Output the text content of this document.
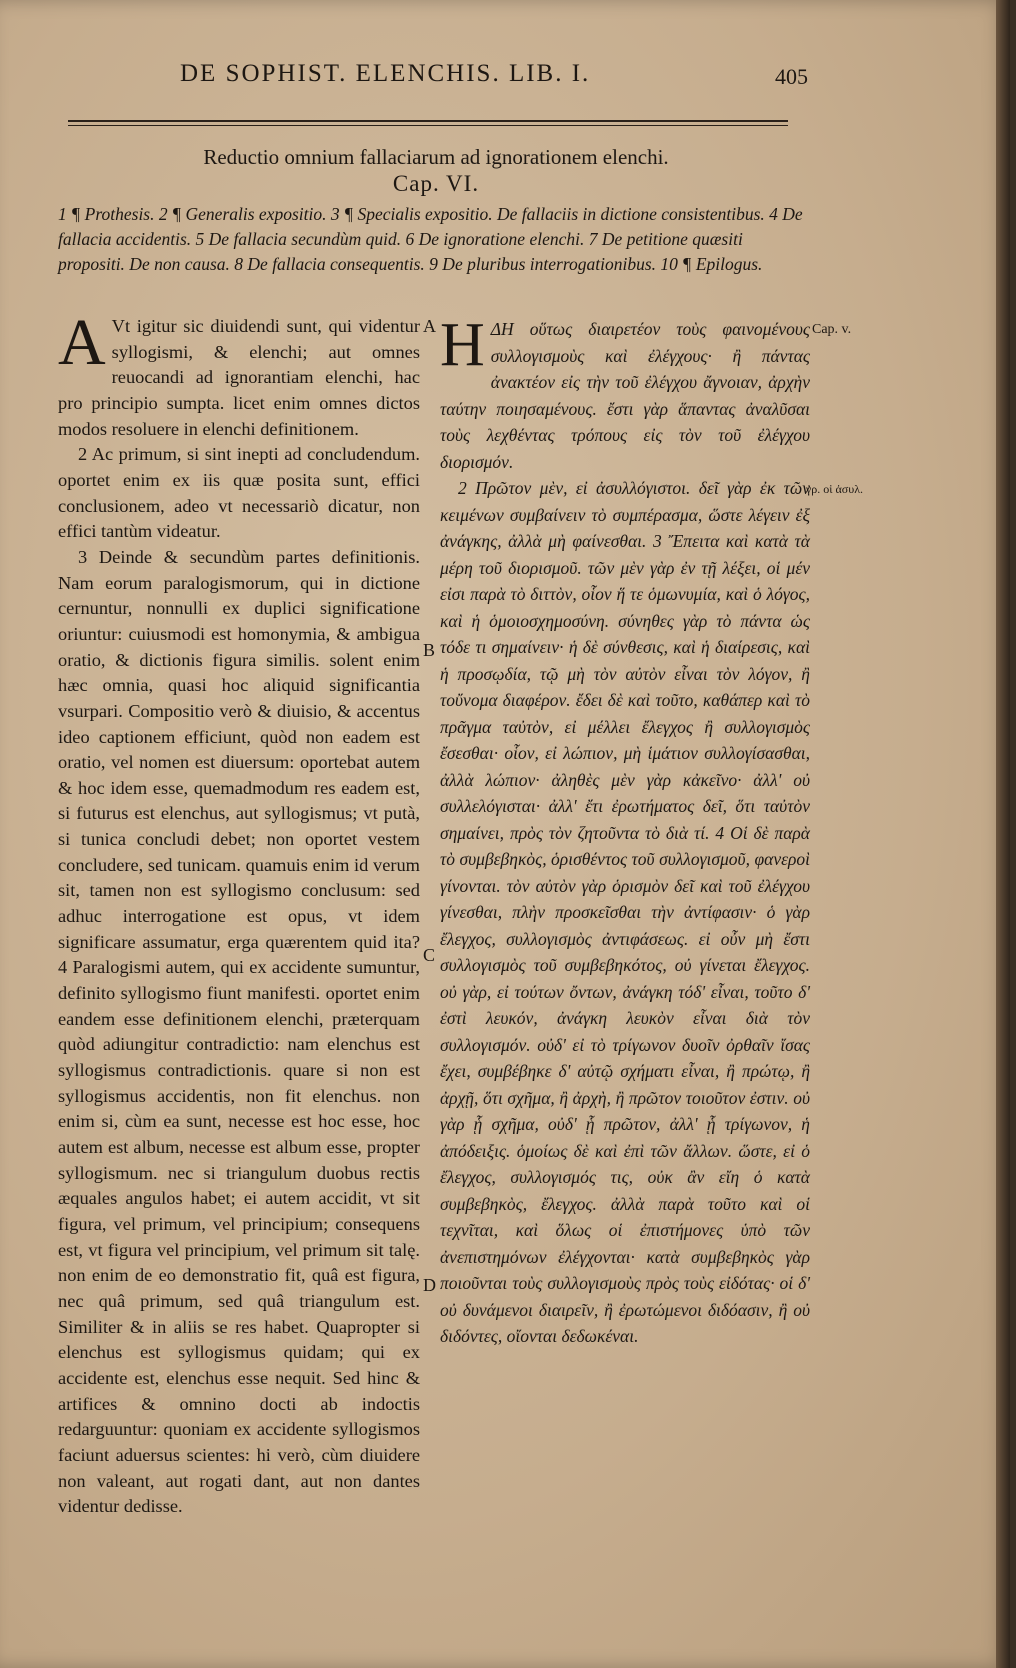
DE SOPHIST. ELENCHIS. LIB. I.	405
Reductio omnium fallaciarum ad ignorationem elenchi.
Cap. VI.
1 ¶ Prothesis. 2 ¶ Generalis expositio. 3 ¶ Specialis expositio. De fallaciis in dictione consistentibus. 4 De fallacia accidentis. 5 De fallacia secundùm quid. 6 De ignoratione elenchi. 7 De petitione quæsiti propositi. De non causa. 8 De fallacia consequentis. 9 De pluribus interrogationibus. 10 ¶ Epilogus.

A Vt igitur sic diuidendi sunt, qui videntur syllogismi, & elenchi; aut omnes reuocandi ad ignorantiam elenchi, hac pro principio sumpta. licet enim omnes dictos modos resoluere in elenchi definitionem.

2 Ac primum, si sint inepti ad concludendum. oportet enim ex iis quæ posita sunt, effici conclusionem, adeo vt necessariò dicatur, non effici tantùm videatur.

3 Deinde & secundùm partes definitionis. Nam eorum paralogismorum, qui in dictione cernuntur, nonnulli ex duplici significatione oriuntur: cuiusmodi est homonymia, & ambigua oratio, & dictionis figura similis. solent enim hæc omnia, quasi hoc aliquid significantia vsurpari. Compositio verò & diuisio, & accentus ideo captionem efficiunt, quòd non eadem est oratio, vel nomen est diuersum: oportebat autem & hoc idem esse, quemadmodum res eadem est, si futurus est elenchus, aut syllogismus; vt putà, si tunica concludi debet; non oportet vestem concludere, sed tunicam. quamuis enim id verum sit, tamen non est syllogismo conclusum: sed adhuc interrogatione est opus, vt idem significare assumatur, erga quærentem quid ita? 4 Paralogismi autem, qui ex accidente sumuntur, definito syllogismo fiunt manifesti. oportet enim eandem esse definitionem elenchi, præterquam quòd adiungitur contradictio: nam elenchus est syllogismus contradictionis. quare si non est syllogismus accidentis, non fit elenchus. non enim si, cùm ea sunt, necesse est hoc esse, hoc autem est album, necesse est album esse, propter syllogismum. nec si triangulum duobus rectis æquales angulos habet; ei autem accidit, vt sit figura, vel primum, vel principium; consequens est, vt figura vel principium, vel primum sit talę. non enim de eo demonstratio fit, quâ est figura, nec quâ primum, sed quâ triangulum est. Similiter & in aliis se res habet. Quapropter si elenchus est syllogismus quidam; qui ex accidente est, elenchus esse nequit. Sed hinc & artifices & omnino docti ab indoctis redarguuntur: quoniam ex accidente syllogismos faciunt aduersus scientes: hi verò, cùm diuidere non valeant, aut rogati dant, aut non dantes videntur dedisse.

ΗΔΗ οὕτως διαιρετέον τοὺς φαινομένους συλλογισμοὺς καὶ ἐλέγχους· ἢ πάντας ἀνακτέον εἰς τὴν τοῦ ἐλέγχου ἄγνοιαν, ἀρχὴν ταύτην ποιησαμένους. ἔστι γὰρ ἅπαντας ἀναλῦσαι τοὺς λεχθέντας τρόπους εἰς τὸν τοῦ ἐλέγχου διορισμόν.

2 Πρῶτον μὲν, εἰ ἀσυλλόγιστοι. δεῖ γὰρ ἐκ τῶν κειμένων συμβαίνειν τὸ συμπέρασμα, ὥστε λέγειν ἐξ ἀνάγκης, ἀλλὰ μὴ φαίνεσθαι. 3 Ἔπειτα καὶ κατὰ τὰ μέρη τοῦ διορισμοῦ. τῶν μὲν γὰρ ἐν τῇ λέξει, οἱ μέν εἰσι παρὰ τὸ διττὸν, οἷον ἥ τε ὁμωνυμία, καὶ ὁ λόγος, καὶ ἡ ὁμοιοσχημοσύνη. σύνηθες γὰρ τὸ πάντα ὡς τόδε τι σημαίνειν· ἡ δὲ σύνθεσις, καὶ ἡ διαίρεσις, καὶ ἡ προσῳδία, τῷ μὴ τὸν αὐτὸν εἶναι τὸν λόγον, ἢ τοὔνομα διαφέρον. ἔδει δὲ καὶ τοῦτο, καθάπερ καὶ τὸ πρᾶγμα ταὐτὸν, εἰ μέλλει ἔλεγχος ἢ συλλογισμὸς ἔσεσθαι· οἷον, εἰ λώπιον, μὴ ἱμάτιον συλλογίσασθαι, ἀλλὰ λώπιον· ἀληθὲς μὲν γὰρ κἀκεῖνο· ἀλλ' οὐ συλλελόγισται· ἀλλ' ἔτι ἐρωτήματος δεῖ, ὅτι ταὐτὸν σημαίνει, πρὸς τὸν ζητοῦντα τὸ διὰ τί. 4 Οἱ δὲ παρὰ τὸ συμβεβηκὸς, ὁρισθέντος τοῦ συλλογισμοῦ, φανεροὶ γίνονται. τὸν αὐτὸν γὰρ ὁρισμὸν δεῖ καὶ τοῦ ἐλέγχου γίνεσθαι, πλὴν προσκεῖσθαι τὴν ἀντίφασιν· ὁ γὰρ ἔλεγχος, συλλογισμὸς ἀντιφάσεως. εἰ οὖν μὴ ἔστι συλλογισμὸς τοῦ συμβεβηκότος, οὐ γίνεται ἔλεγχος. οὐ γὰρ, εἰ τούτων ὄντων, ἀνάγκη τόδ' εἶναι, τοῦτο δ' ἐστὶ λευκόν, ἀνάγκη λευκὸν εἶναι διὰ τὸν συλλογισμόν. οὐδ' εἰ τὸ τρίγωνον δυοῖν ὀρθαῖν ἴσας ἔχει, συμβέβηκε δ' αὐτῷ σχήματι εἶναι, ἢ πρώτῳ, ἢ ἀρχῇ, ὅτι σχῆμα, ἢ ἀρχὴ, ἢ πρῶτον τοιοῦτον ἐστιν. οὐ γὰρ ᾗ σχῆμα, οὐδ' ᾗ πρῶτον, ἀλλ' ᾗ τρίγωνον, ἡ ἀπόδειξις. ὁμοίως δὲ καὶ ἐπὶ τῶν ἄλλων. ὥστε, εἰ ὁ ἔλεγχος, συλλογισμός τις, οὐκ ἂν εἴη ὁ κατὰ συμβεβηκὸς, ἔλεγχος. ἀλλὰ παρὰ τοῦτο καὶ οἱ τεχνῖται, καὶ ὅλως οἱ ἐπιστήμονες ὑπὸ τῶν ἀνεπιστημόνων ἐλέγχονται· κατὰ συμβεβηκὸς γὰρ ποιοῦνται τοὺς συλλογισμοὺς πρὸς τοὺς εἰδότας· οἱ δ' οὐ δυνάμενοι διαιρεῖν, ἢ ἐρωτώμενοι διδόασιν, ἢ οὐ διδόντες, οἴονται δεδωκέναι.

A
B
C
D
Cap. v.
γρ. οἱ ἀσυλ.
